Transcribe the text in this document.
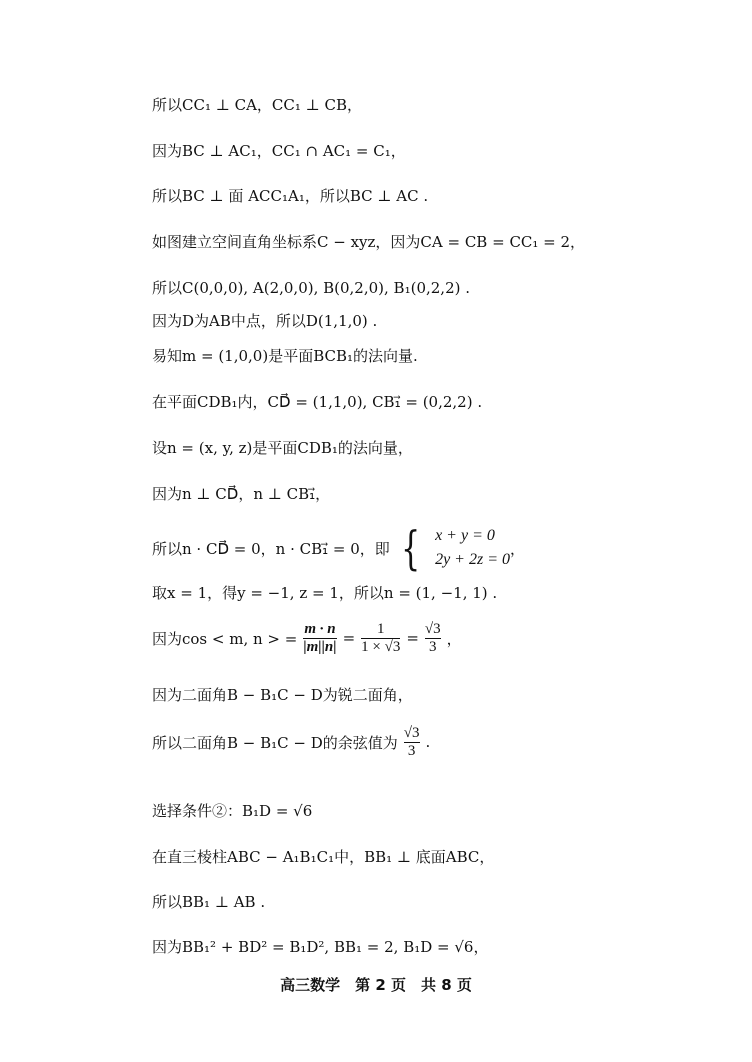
所以CC₁ ⊥ CA，CC₁ ⊥ CB，
因为BC ⊥ AC₁，CC₁ ∩ AC₁ = C₁，
所以BC ⊥ 面 ACC₁A₁，所以BC ⊥ AC .
如图建立空间直角坐标系C − xyz，因为CA = CB = CC₁ = 2，
所以C(0,0,0), A(2,0,0), B(0,2,0), B₁(0,2,2) .
因为D为AB中点，所以D(1,1,0) .
易知m = (1,0,0)是平面BCB₁的法向量.
在平面CDB₁内，CD⃗ = (1,1,0), CB₁⃗ = (0,2,2) .
设n = (x, y, z)是平面CDB₁的法向量，
因为n ⊥ CD⃗，n ⊥ CB₁⃗，
所以n · CD⃗ = 0，n · CB₁⃗ = 0，即 { x + y = 0
2y + 2z = 0
，
取x = 1，得y = −1, z = 1，所以n = (1, −1, 1) .
因为cos < m, n > =
m · n
|m||n| =
1
1 × √3 =
√3
3 ，
因为二面角B − B₁C − D为锐二面角，
所以二面角B − B₁C − D的余弦值为
√3
3 .
选择条件②：B₁D = √6
在直三棱柱ABC − A₁B₁C₁中，BB₁ ⊥ 底面ABC，
所以BB₁ ⊥ AB .
因为BB₁² + BD² = B₁D², BB₁ = 2, B₁D = √6，
高三数学　第 2 页　共 8 页
